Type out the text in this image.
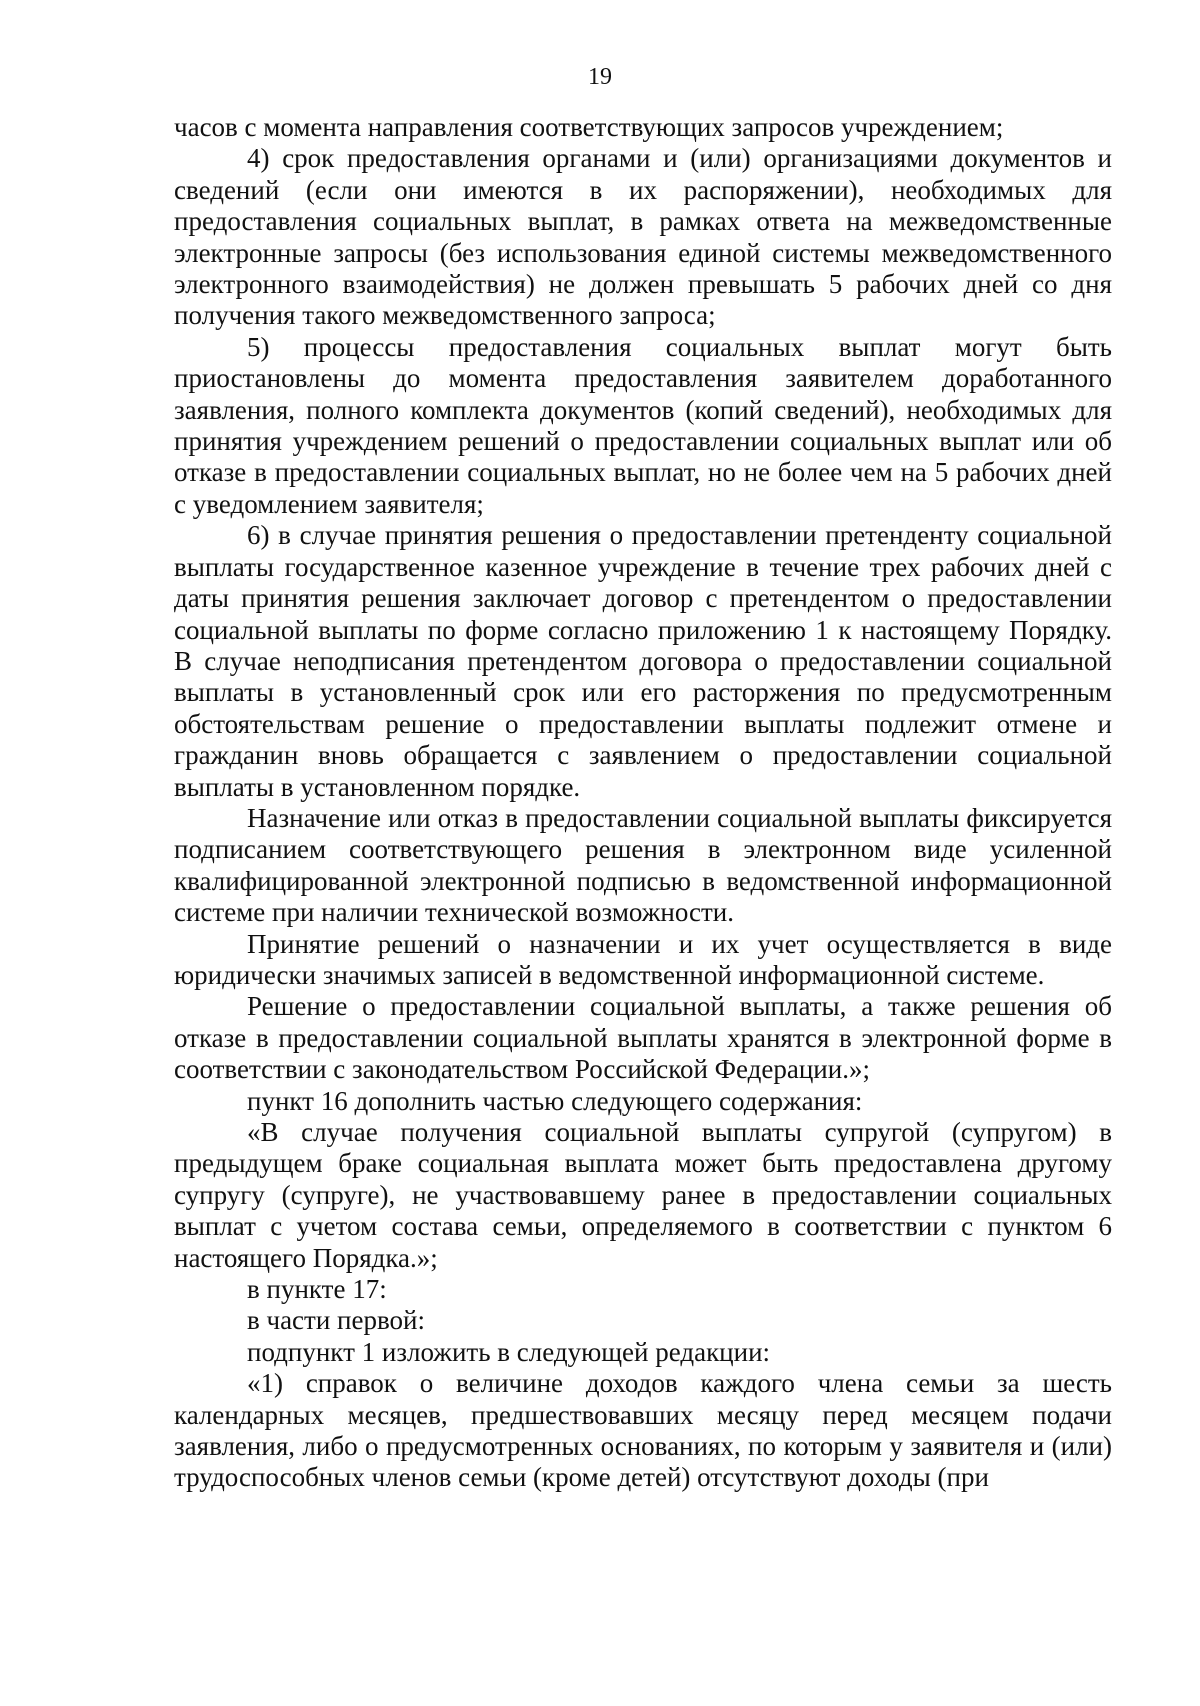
19

часов с момента направления соответствующих запросов учреждением;

4) срок предоставления органами и (или) организациями документов и сведений (если они имеются в их распоряжении), необходимых для предоставления социальных выплат, в рамках ответа на межведомственные электронные запросы (без использования единой системы межведомственного электронного взаимодействия) не должен превышать 5 рабочих дней со дня получения такого межведомственного запроса;

5) процессы предоставления социальных выплат могут быть приостановлены до момента предоставления заявителем доработанного заявления, полного комплекта документов (копий сведений), необходимых для принятия учреждением решений о предоставлении социальных выплат или об отказе в предоставлении социальных выплат, но не более чем на 5 рабочих дней с уведомлением заявителя;

6) в случае принятия решения о предоставлении претенденту социальной выплаты государственное казенное учреждение в течение трех рабочих дней с даты принятия решения заключает договор с претендентом о предоставлении социальной выплаты по форме согласно приложению 1 к настоящему Порядку. В случае неподписания претендентом договора о предоставлении социальной выплаты в установленный срок или его расторжения по предусмотренным обстоятельствам решение о предоставлении выплаты подлежит отмене и гражданин вновь обращается с заявлением о предоставлении социальной выплаты в установленном порядке.

Назначение или отказ в предоставлении социальной выплаты фиксируется подписанием соответствующего решения в электронном виде усиленной квалифицированной электронной подписью в ведомственной информационной системе при наличии технической возможности.

Принятие решений о назначении и их учет осуществляется в виде юридически значимых записей в ведомственной информационной системе.

Решение о предоставлении социальной выплаты, а также решения об отказе в предоставлении социальной выплаты хранятся в электронной форме в соответствии с законодательством Российской Федерации.»;

пункт 16 дополнить частью следующего содержания:

«В случае получения социальной выплаты супругой (супругом) в предыдущем браке социальная выплата может быть предоставлена другому супругу (супруге), не участвовавшему ранее в предоставлении социальных выплат с учетом состава семьи, определяемого в соответствии с пунктом 6 настоящего Порядка.»;

в пункте 17:

в части первой:

подпункт 1 изложить в следующей редакции:

«1) справок о величине доходов каждого члена семьи за шесть календарных месяцев, предшествовавших месяцу перед месяцем подачи заявления, либо о предусмотренных основаниях, по которым у заявителя и (или) трудоспособных членов семьи (кроме детей) отсутствуют доходы (при
